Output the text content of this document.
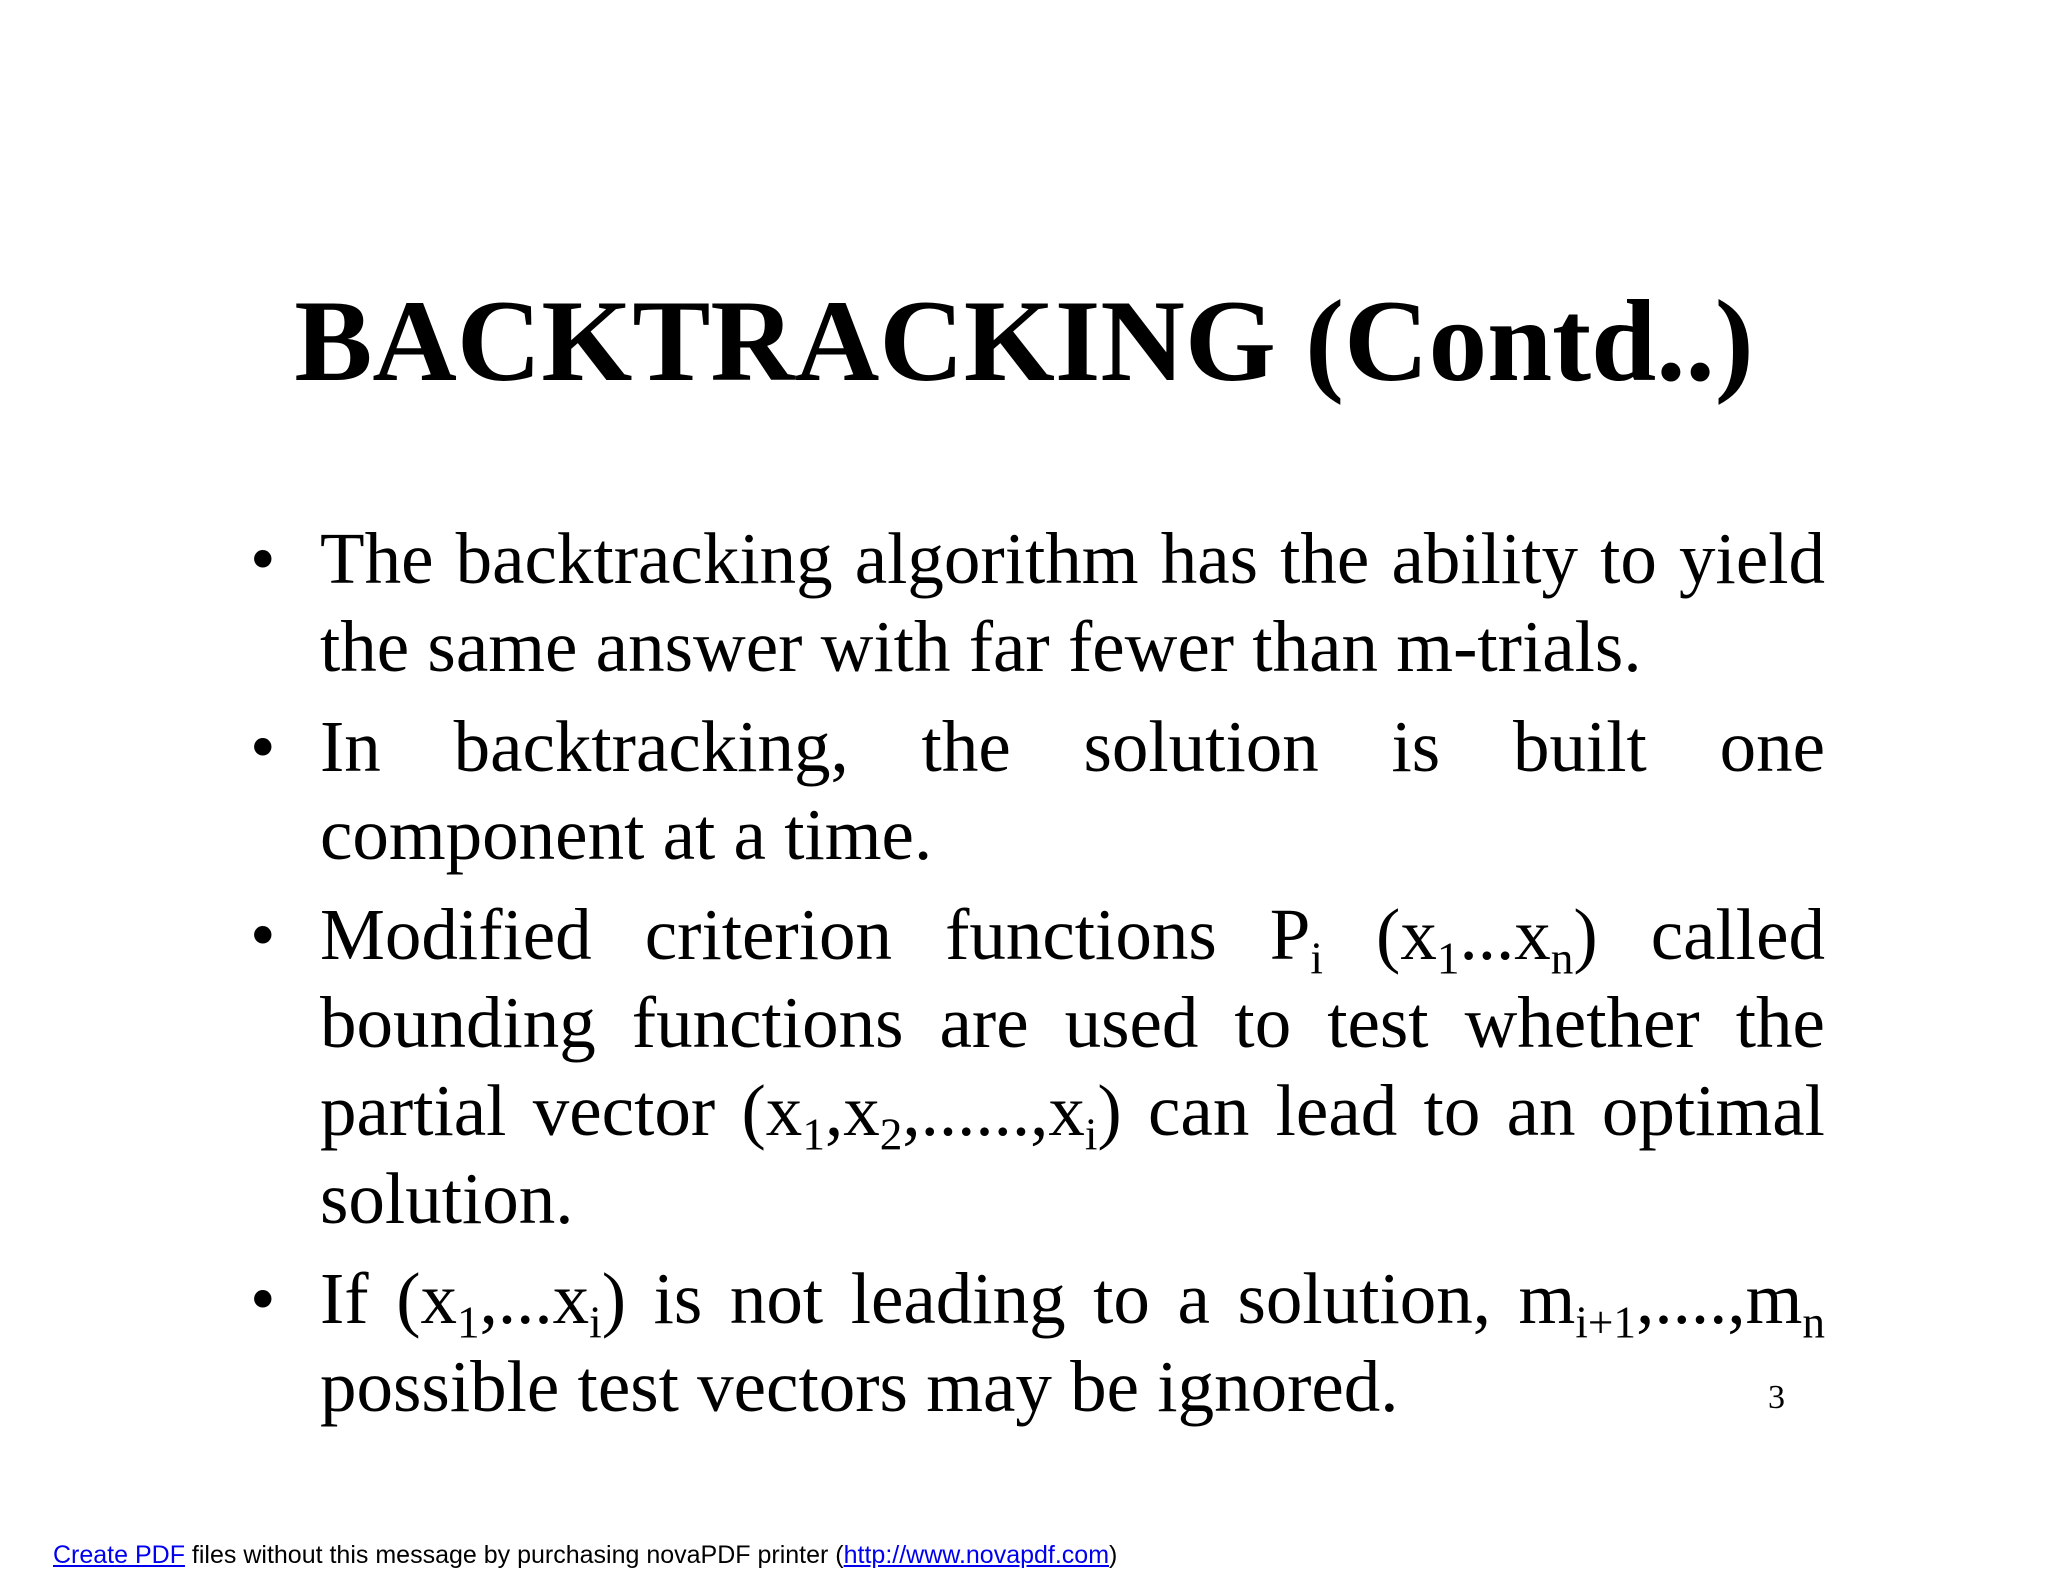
BACKTRACKING (Contd..)
• The backtracking algorithm has the ability to yield
the same answer with far fewer than m-trials.
• In backtracking, the solution is built one
component at a time.
• Modified criterion functions $P_i$ $(x_1...x_n)$ called
bounding functions are used to test whether the
partial vector $(x_1,x_2,......,x_i)$ can lead to an optimal
solution.
• If $(x_1,...x_i)$ is not leading to a solution, $m_{i+1},....,m_n$
possible test vectors may be ignored.	3
Create PDF files without this message by purchasing novaPDF printer (http://www.novapdf.com)
